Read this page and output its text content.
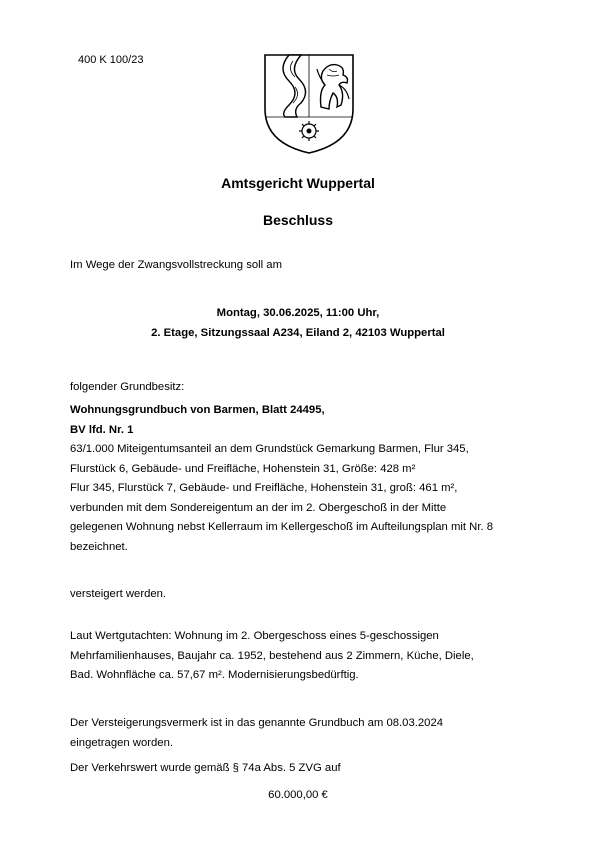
400 K 100/23
Amtsgericht Wuppertal
Beschluss
Im Wege der Zwangsvollstreckung soll am
Montag, 30.06.2025, 11:00 Uhr,
2. Etage, Sitzungssaal A234, Eiland 2, 42103 Wuppertal
folgender Grundbesitz:
Wohnungsgrundbuch von Barmen, Blatt 24495,
BV lfd. Nr. 1
63/1.000 Miteigentumsanteil an dem Grundstück Gemarkung Barmen, Flur 345,
Flurstück 6, Gebäude- und Freifläche, Hohenstein 31, Größe: 428 m²
Flur 345, Flurstück 7, Gebäude- und Freifläche, Hohenstein 31, groß: 461 m²,
verbunden mit dem Sondereigentum an der im 2. Obergeschoß in der Mitte
gelegenen Wohnung nebst Kellerraum im Kellergeschoß im Aufteilungsplan mit Nr. 8
bezeichnet.
versteigert werden.
Laut Wertgutachten: Wohnung im 2. Obergeschoss eines 5-geschossigen
Mehrfamilienhauses, Baujahr ca. 1952, bestehend aus 2 Zimmern, Küche, Diele,
Bad. Wohnfläche ca. 57,67 m². Modernisierungsbedürftig.
Der Versteigerungsvermerk ist in das genannte Grundbuch am 08.03.2024
eingetragen worden.
Der Verkehrswert wurde gemäß § 74a Abs. 5 ZVG auf
60.000,00 €
